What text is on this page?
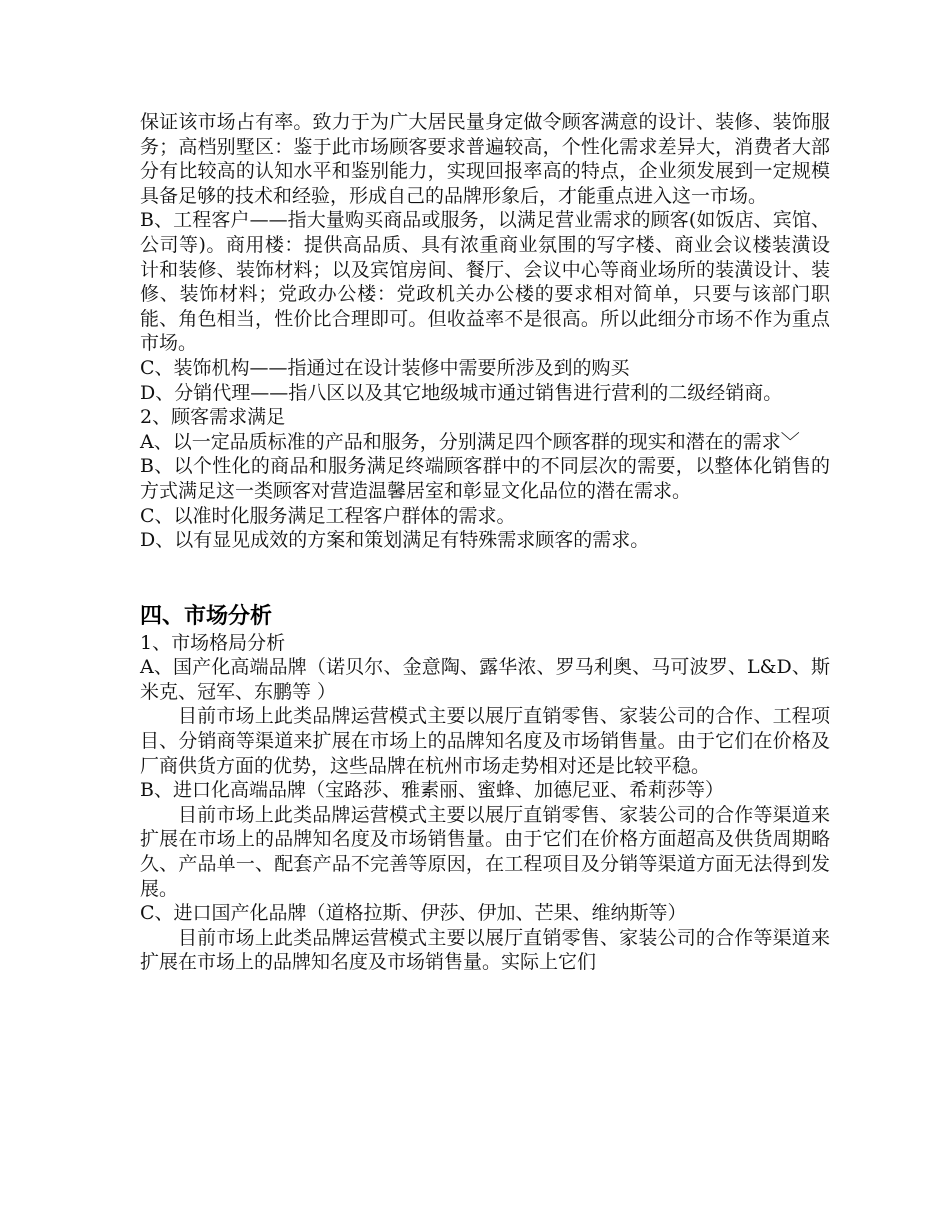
保证该市场占有率。致力于为广大居民量身定做令顾客满意的设计、装修、装饰服务；高档别墅区：鉴于此市场顾客要求普遍较高，个性化需求差异大，消费者大部分有比较高的认知水平和鉴别能力，实现回报率高的特点，企业须发展到一定规模具备足够的技术和经验，形成自己的品牌形象后，才能重点进入这一市场。

B、工程客户——指大量购买商品或服务，以满足营业需求的顾客(如饭店、宾馆、公司等)。商用楼：提供高品质、具有浓重商业氛围的写字楼、商业会议楼装潢设计和装修、装饰材料；以及宾馆房间、餐厅、会议中心等商业场所的装潢设计、装修、装饰材料；党政办公楼：党政机关办公楼的要求相对简单，只要与该部门职能、角色相当，性价比合理即可。但收益率不是很高。所以此细分市场不作为重点市场。

C、装饰机构——指通过在设计装修中需要所涉及到的购买

D、分销代理——指八区以及其它地级城市通过销售进行营利的二级经销商。

2、顾客需求满足

A、以一定品质标准的产品和服务，分别满足四个顾客群的现实和潜在的需求﹀

B、以个性化的商品和服务满足终端顾客群中的不同层次的需要，以整体化销售的方式满足这一类顾客对营造温馨居室和彰显文化品位的潜在需求。

C、以准时化服务满足工程客户群体的需求。

D、以有显见成效的方案和策划满足有特殊需求顾客的需求。

四、市场分析

1、市场格局分析

A、国产化高端品牌（诺贝尔、金意陶、露华浓、罗马利奥、马可波罗、L&D、斯米克、冠军、东鹏等 ）

目前市场上此类品牌运营模式主要以展厅直销零售、家装公司的合作、工程项目、分销商等渠道来扩展在市场上的品牌知名度及市场销售量。由于它们在价格及厂商供货方面的优势，这些品牌在杭州市场走势相对还是比较平稳。

B、进口化高端品牌（宝路莎、雅素丽、蜜蜂、加德尼亚、希莉莎等）

目前市场上此类品牌运营模式主要以展厅直销零售、家装公司的合作等渠道来扩展在市场上的品牌知名度及市场销售量。由于它们在价格方面超高及供货周期略久、产品单一、配套产品不完善等原因，在工程项目及分销等渠道方面无法得到发展。

C、进口国产化品牌（道格拉斯、伊莎、伊加、芒果、维纳斯等）

目前市场上此类品牌运营模式主要以展厅直销零售、家装公司的合作等渠道来扩展在市场上的品牌知名度及市场销售量。实际上它们
